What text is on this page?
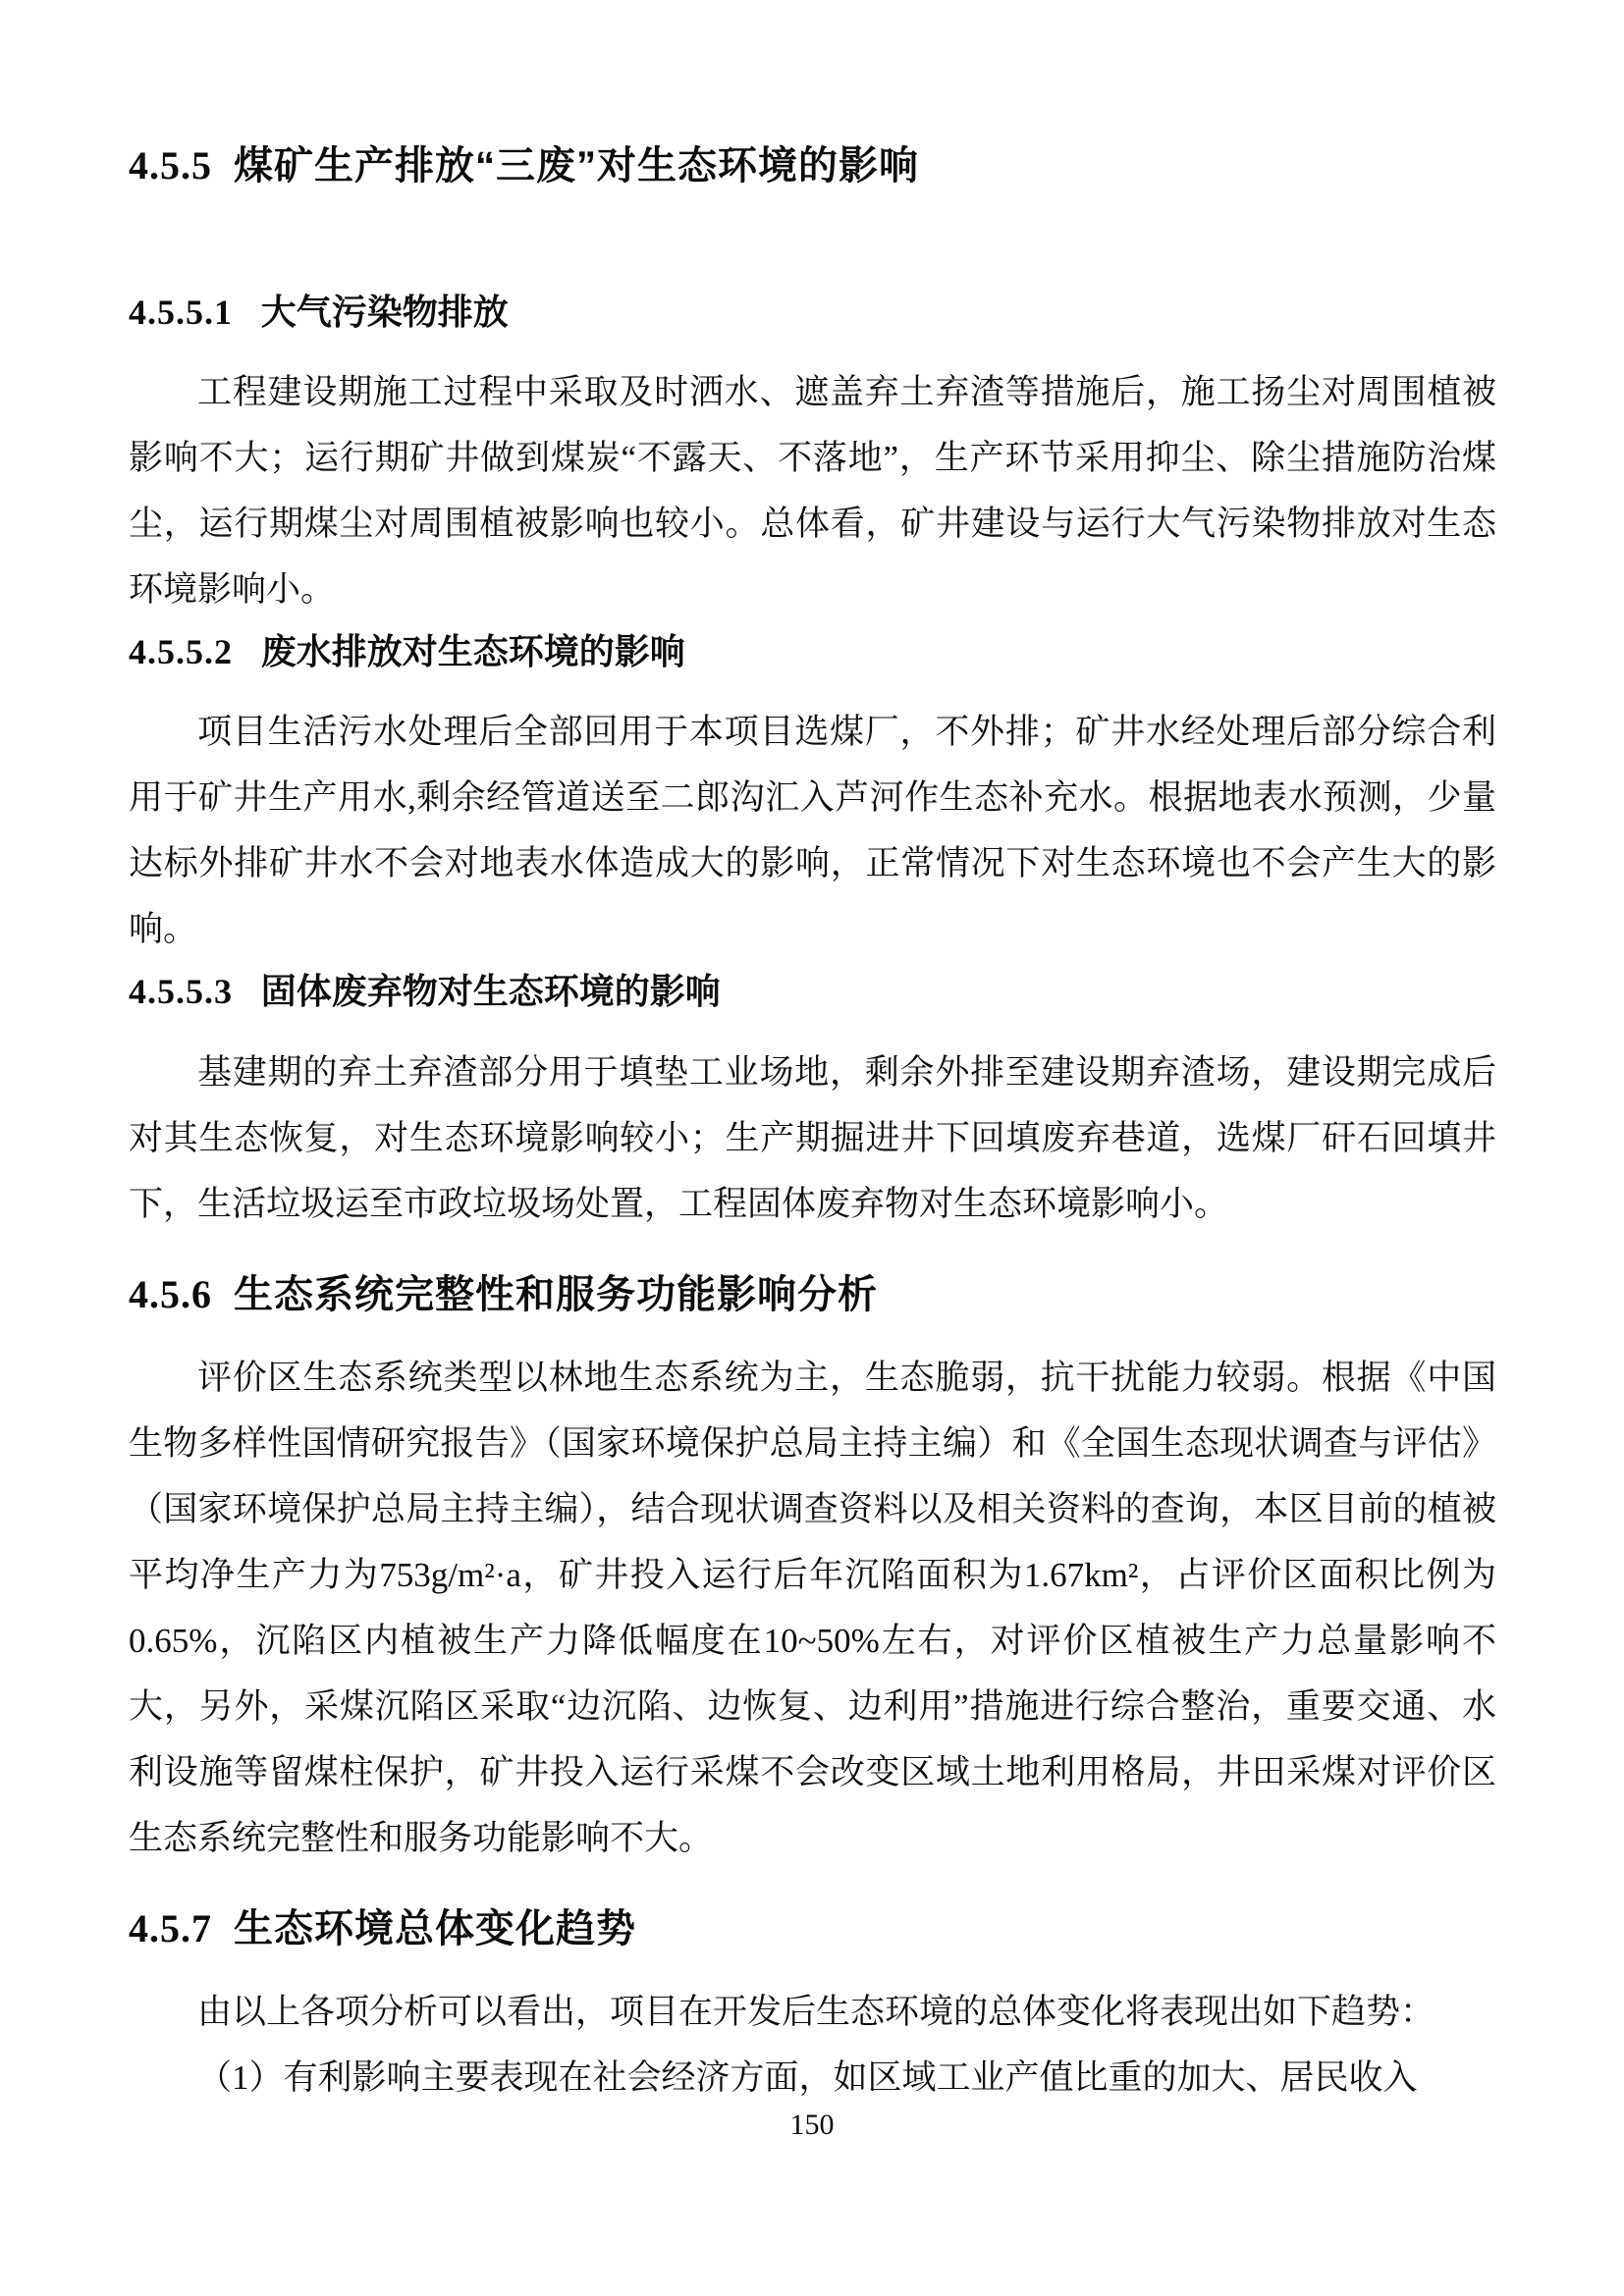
4.5.5 煤矿生产排放“三废”对生态环境的影响
4.5.5.1 大气污染物排放

工程建设期施工过程中采取及时洒水、遮盖弃土弃渣等措施后，施工扬尘对周围植被影响不大；运行期矿井做到煤炭“不露天、不落地”，生产环节采用抑尘、除尘措施防治煤尘，运行期煤尘对周围植被影响也较小。总体看，矿井建设与运行大气污染物排放对生态环境影响小。

4.5.5.2 废水排放对生态环境的影响

项目生活污水处理后全部回用于本项目选煤厂，不外排；矿井水经处理后部分综合利用于矿井生产用水,剩余经管道送至二郎沟汇入芦河作生态补充水。根据地表水预测，少量达标外排矿井水不会对地表水体造成大的影响，正常情况下对生态环境也不会产生大的影响。

4.5.5.3 固体废弃物对生态环境的影响

基建期的弃土弃渣部分用于填垫工业场地，剩余外排至建设期弃渣场，建设期完成后对其生态恢复，对生态环境影响较小；生产期掘进井下回填废弃巷道，选煤厂矸石回填井下，生活垃圾运至市政垃圾场处置，工程固体废弃物对生态环境影响小。

4.5.6 生态系统完整性和服务功能影响分析

评价区生态系统类型以林地生态系统为主，生态脆弱，抗干扰能力较弱。根据《中国生物多样性国情研究报告》（国家环境保护总局主持主编）和《全国生态现状调查与评估》（国家环境保护总局主持主编），结合现状调查资料以及相关资料的查询，本区目前的植被平均净生产力为753g/m²·a，矿井投入运行后年沉陷面积为1.67km²，占评价区面积比例为0.65%，沉陷区内植被生产力降低幅度在10~50%左右，对评价区植被生产力总量影响不大，另外，采煤沉陷区采取“边沉陷、边恢复、边利用”措施进行综合整治，重要交通、水利设施等留煤柱保护，矿井投入运行采煤不会改变区域土地利用格局，井田采煤对评价区生态系统完整性和服务功能影响不大。

4.5.7 生态环境总体变化趋势

由以上各项分析可以看出，项目在开发后生态环境的总体变化将表现出如下趋势：

（1）有利影响主要表现在社会经济方面，如区域工业产值比重的加大、居民收入

150
